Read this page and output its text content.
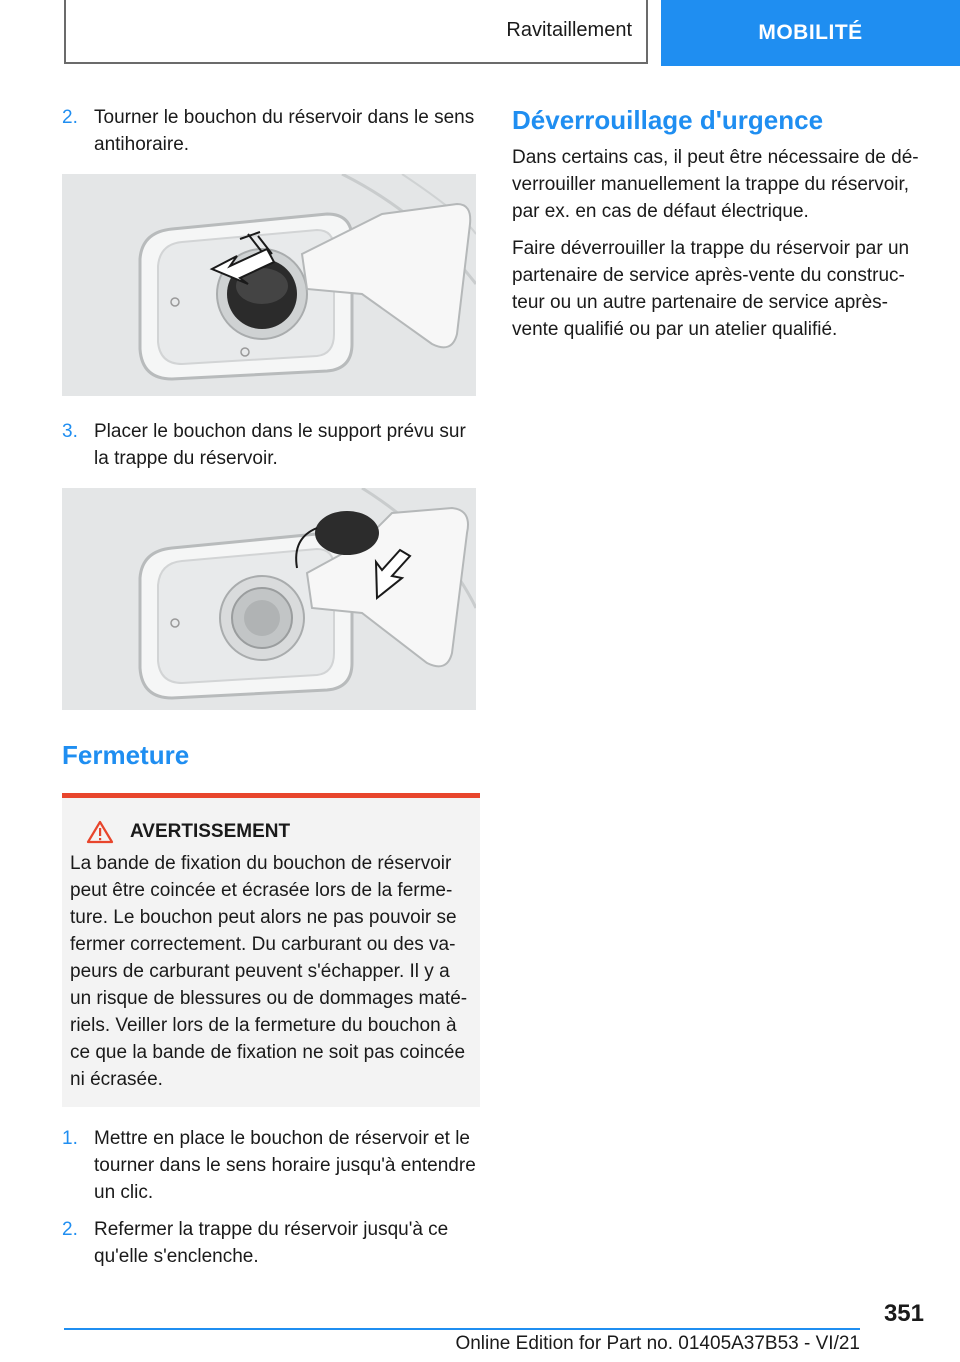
Ravitaillement	MOBILITÉ
2. Tourner le bouchon du réservoir dans le sens antihoraire.
3. Placer le bouchon dans le support prévu sur la trappe du réservoir.
Fermeture
AVERTISSEMENT
La bande de fixation du bouchon de réservoir peut être coincée et écrasée lors de la ferme-ture. Le bouchon peut alors ne pas pouvoir se fermer correctement. Du carburant ou des va-peurs de carburant peuvent s'échapper. Il y a un risque de blessures ou de dommages maté-riels. Veiller lors de la fermeture du bouchon à ce que la bande de fixation ne soit pas coincée ni écrasée.
1. Mettre en place le bouchon de réservoir et le tourner dans le sens horaire jusqu'à entendre un clic.
2. Refermer la trappe du réservoir jusqu'à ce qu'elle s'enclenche.
Déverrouillage d'urgence

Dans certains cas, il peut être nécessaire de dé-verrouiller manuellement la trappe du réservoir, par ex. en cas de défaut électrique.

Faire déverrouiller la trappe du réservoir par un partenaire de service après-vente du construc-teur ou un autre partenaire de service après-vente qualifié ou par un atelier qualifié.

351
Online Edition for Part no. 01405A37B53 - VI/21
